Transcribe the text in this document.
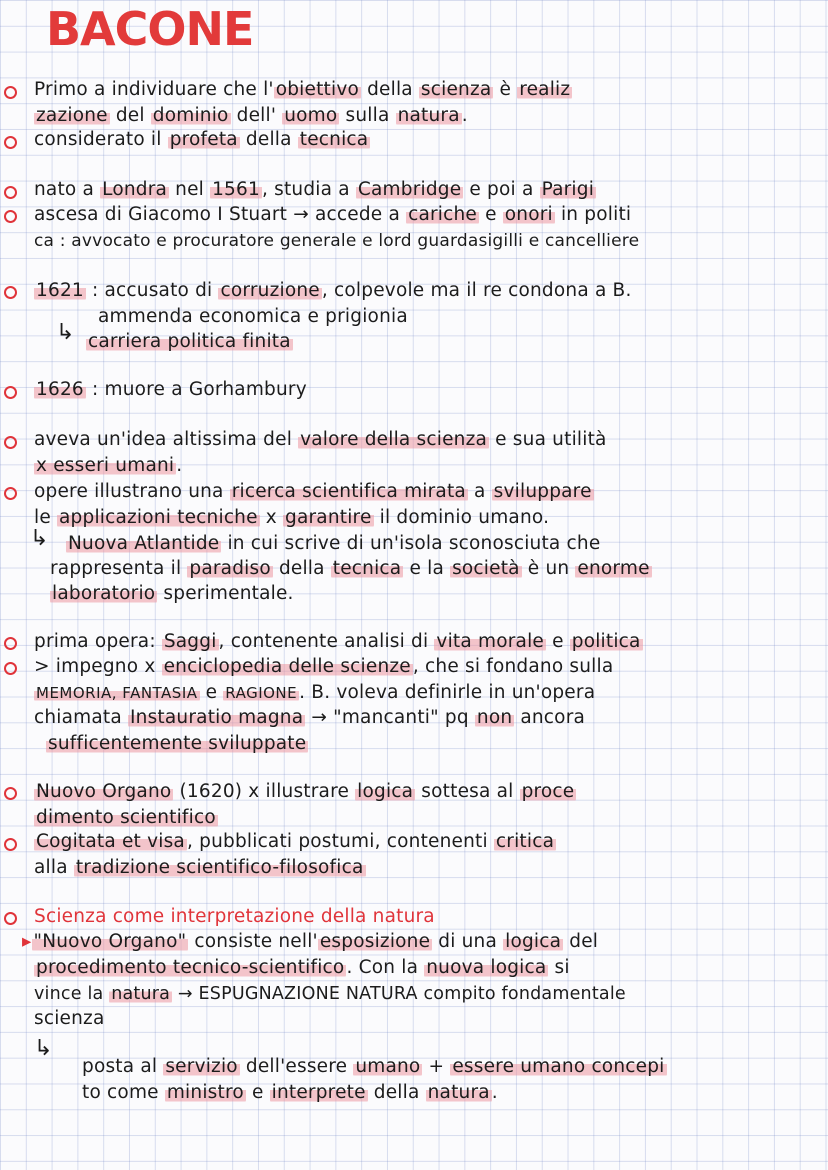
BACONE
Primo a individuare che l' obiettivo della scienza è realiz
zazione del dominio dell' uomo sulla natura .
considerato il profeta della tecnica
nato a Londra nel 1561 , studia a Cambridge e poi a Parigi
ascesa di Giacomo I Stuart → accede a cariche e onori in politi
ca : avvocato e procuratore generale e lord guardasigilli e cancelliere
1621 : accusato di corruzione , colpevole ma il re condona a B.
ammenda economica e prigionia
↳ carriera politica finita
1626 : muore a Gorhambury
aveva un'idea altissima del valore della scienza e sua utilità
x esseri umani .
opere illustrano una ricerca scientifica mirata a sviluppare
le applicazioni tecniche x garantire il dominio umano.
↳ Nuova Atlantide in cui scrive di un'isola sconosciuta che
rappresenta il paradiso della tecnica e la società è un enorme
laboratorio sperimentale.
prima opera: Saggi , contenente analisi di vita morale e politica
> impegno x enciclopedia delle scienze , che si fondano sulla
MEMORIA, FANTASIA e RAGIONE . B. voleva definirle in un'opera
chiamata Instauratio magna → "mancanti" pq non ancora
sufficentemente sviluppate
Nuovo Organo (1620) x illustrare logica sottesa al proce
dimento scientifico
Cogitata et visa , pubblicati postumi, contenenti critica
alla tradizione scientifico-filosofica
Scienza come interpretazione della natura
▸ "Nuovo Organo" consiste nell' esposizione di una logica del
procedimento tecnico-scientifico . Con la nuova logica si
vince la natura → ESPUGNAZIONE NATURA compito fondamentale
scienza
↳
posta al servizio dell'essere umano + essere umano concepi
to come ministro e interprete della natura .
